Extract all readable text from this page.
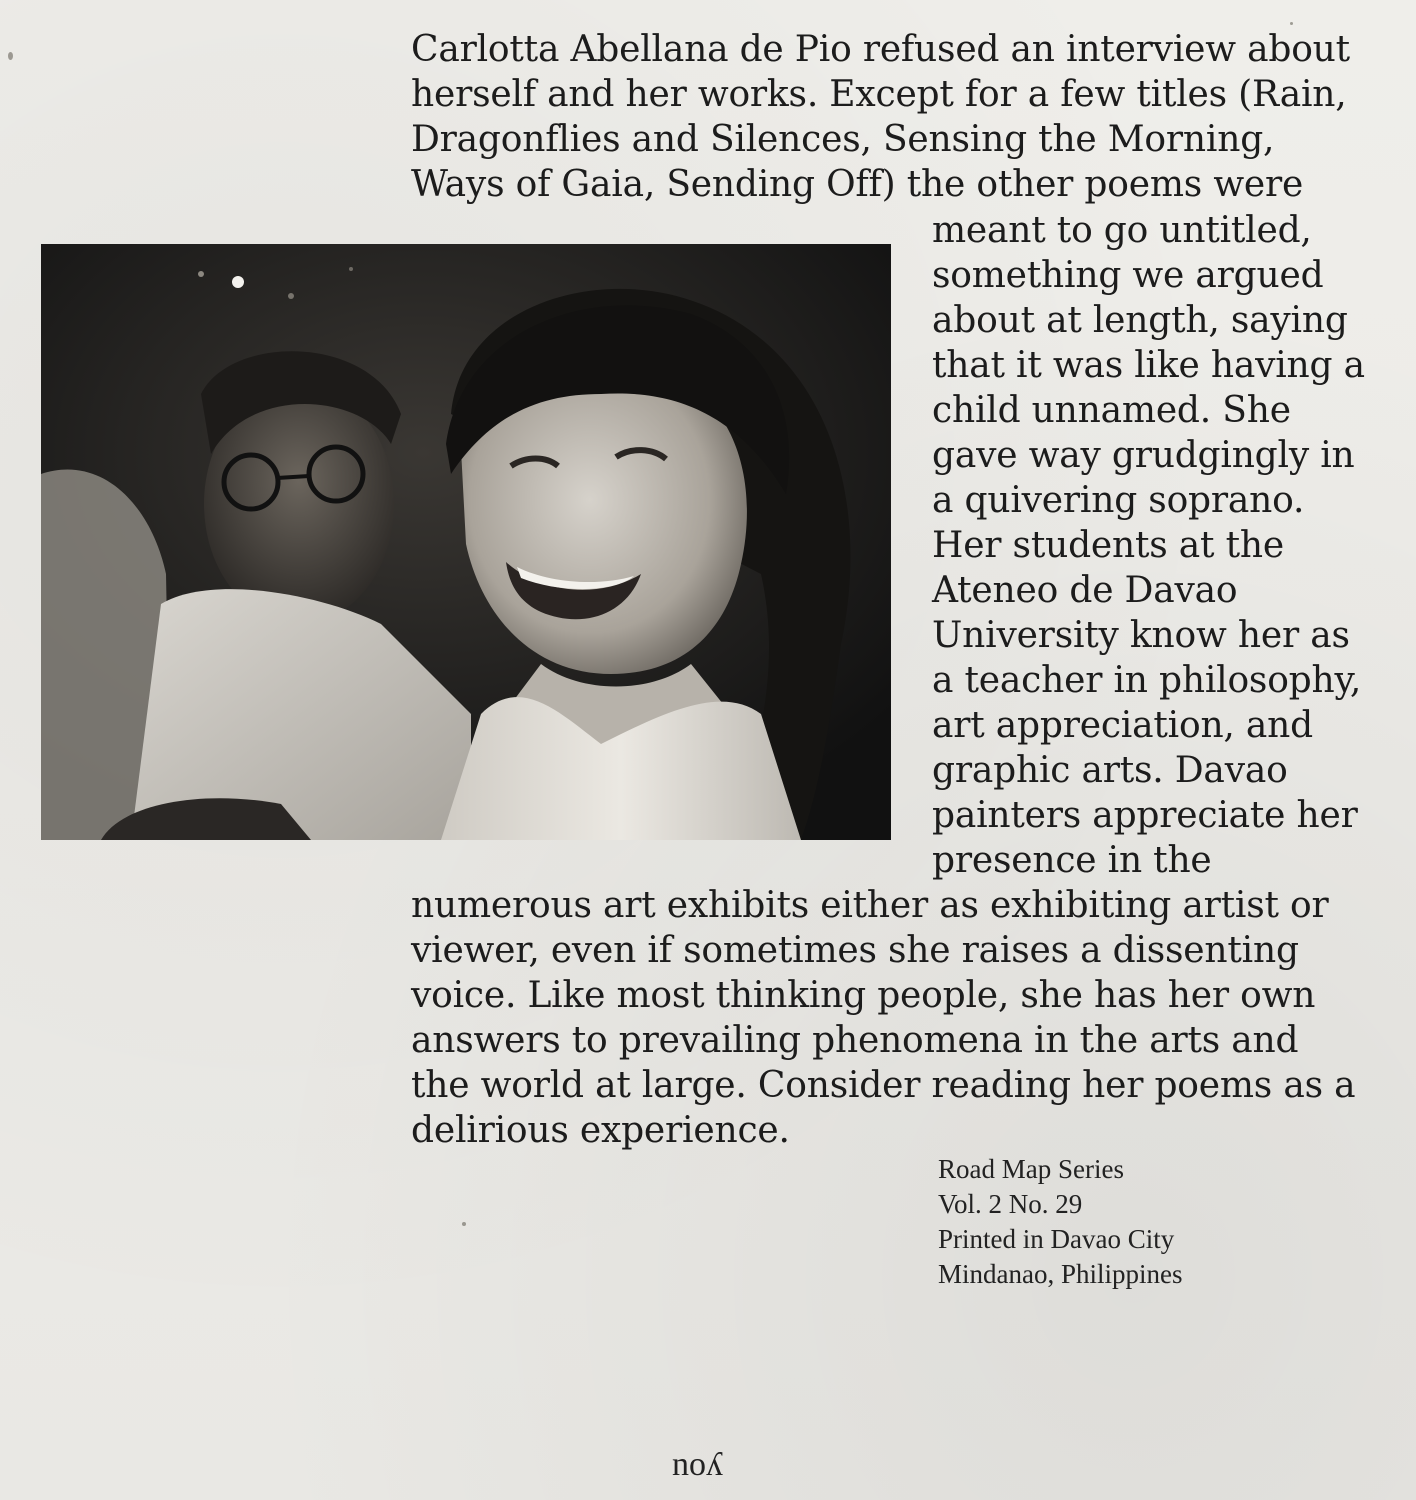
Carlotta Abellana de Pio refused an interview about
herself and her works. Except for a few titles (Rain,
Dragonflies and Silences, Sensing the Morning,
Ways of Gaia, Sending Off) the other poems were
meant to go untitled,
something we argued
about at length, saying
that it was like having a
child unnamed. She
gave way grudgingly in
a quivering soprano.
Her students at the
Ateneo de Davao
University know her as
a teacher in philosophy,
art appreciation, and
graphic arts. Davao
painters appreciate her
presence in the
numerous art exhibits either as exhibiting artist or
viewer, even if sometimes she raises a dissenting
voice. Like most thinking people, she has her own
answers to prevailing phenomena in the arts and
the world at large. Consider reading her poems as a
delirious experience.
Road Map Series
Vol. 2 No. 29
Printed in Davao City
Mindanao, Philippines
noʎ
